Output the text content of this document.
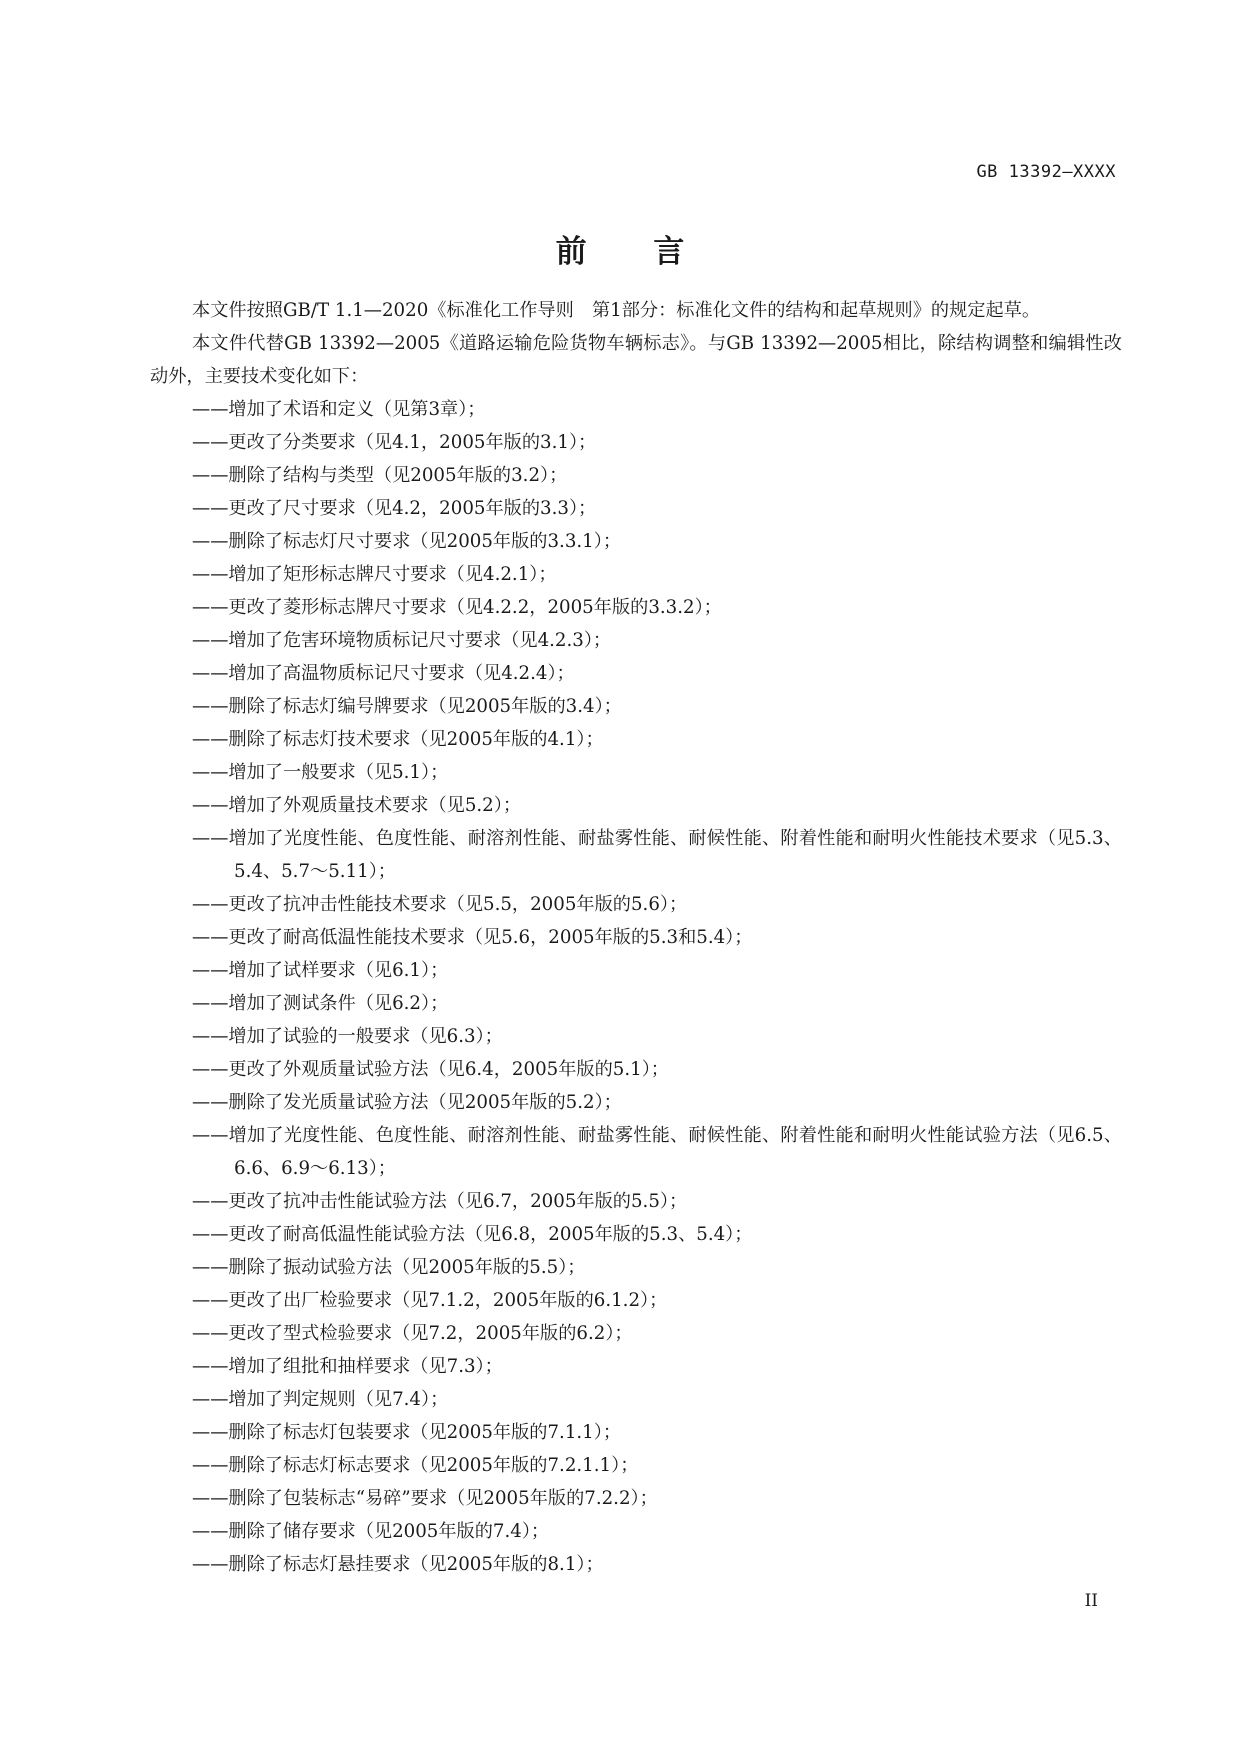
GB 13392—XXXX
前 言

本文件按照GB/T 1.1—2020《标准化工作导则　第1部分：标准化文件的结构和起草规则》的规定起草。

本文件代替GB 13392—2005《道路运输危险货物车辆标志》。与GB 13392—2005相比，除结构调整和编辑性改动外，主要技术变化如下：

——增加了术语和定义（见第3章）；
——更改了分类要求（见4.1，2005年版的3.1）；
——删除了结构与类型（见2005年版的3.2）；
——更改了尺寸要求（见4.2，2005年版的3.3）；
——删除了标志灯尺寸要求（见2005年版的3.3.1）；
——增加了矩形标志牌尺寸要求（见4.2.1）；
——更改了菱形标志牌尺寸要求（见4.2.2，2005年版的3.3.2）；
——增加了危害环境物质标记尺寸要求（见4.2.3）；
——增加了高温物质标记尺寸要求（见4.2.4）；
——删除了标志灯编号牌要求（见2005年版的3.4）；
——删除了标志灯技术要求（见2005年版的4.1）；
——增加了一般要求（见5.1）；
——增加了外观质量技术要求（见5.2）；
——增加了光度性能、色度性能、耐溶剂性能、耐盐雾性能、耐候性能、附着性能和耐明火性能技术要求（见5.3、5.4、5.7～5.11）；
——更改了抗冲击性能技术要求（见5.5，2005年版的5.6）；
——更改了耐高低温性能技术要求（见5.6，2005年版的5.3和5.4）；
——增加了试样要求（见6.1）；
——增加了测试条件（见6.2）；
——增加了试验的一般要求（见6.3）；
——更改了外观质量试验方法（见6.4，2005年版的5.1）；
——删除了发光质量试验方法（见2005年版的5.2）；
——增加了光度性能、色度性能、耐溶剂性能、耐盐雾性能、耐候性能、附着性能和耐明火性能试验方法（见6.5、6.6、6.9～6.13）；
——更改了抗冲击性能试验方法（见6.7，2005年版的5.5）；
——更改了耐高低温性能试验方法（见6.8，2005年版的5.3、5.4）；
——删除了振动试验方法（见2005年版的5.5）；
——更改了出厂检验要求（见7.1.2，2005年版的6.1.2）；
——更改了型式检验要求（见7.2，2005年版的6.2）；
——增加了组批和抽样要求（见7.3）；
——增加了判定规则（见7.4）；
——删除了标志灯包装要求（见2005年版的7.1.1）；
——删除了标志灯标志要求（见2005年版的7.2.1.1）；
——删除了包装标志“易碎”要求（见2005年版的7.2.2）；
——删除了储存要求（见2005年版的7.4）；
——删除了标志灯悬挂要求（见2005年版的8.1）；
II
